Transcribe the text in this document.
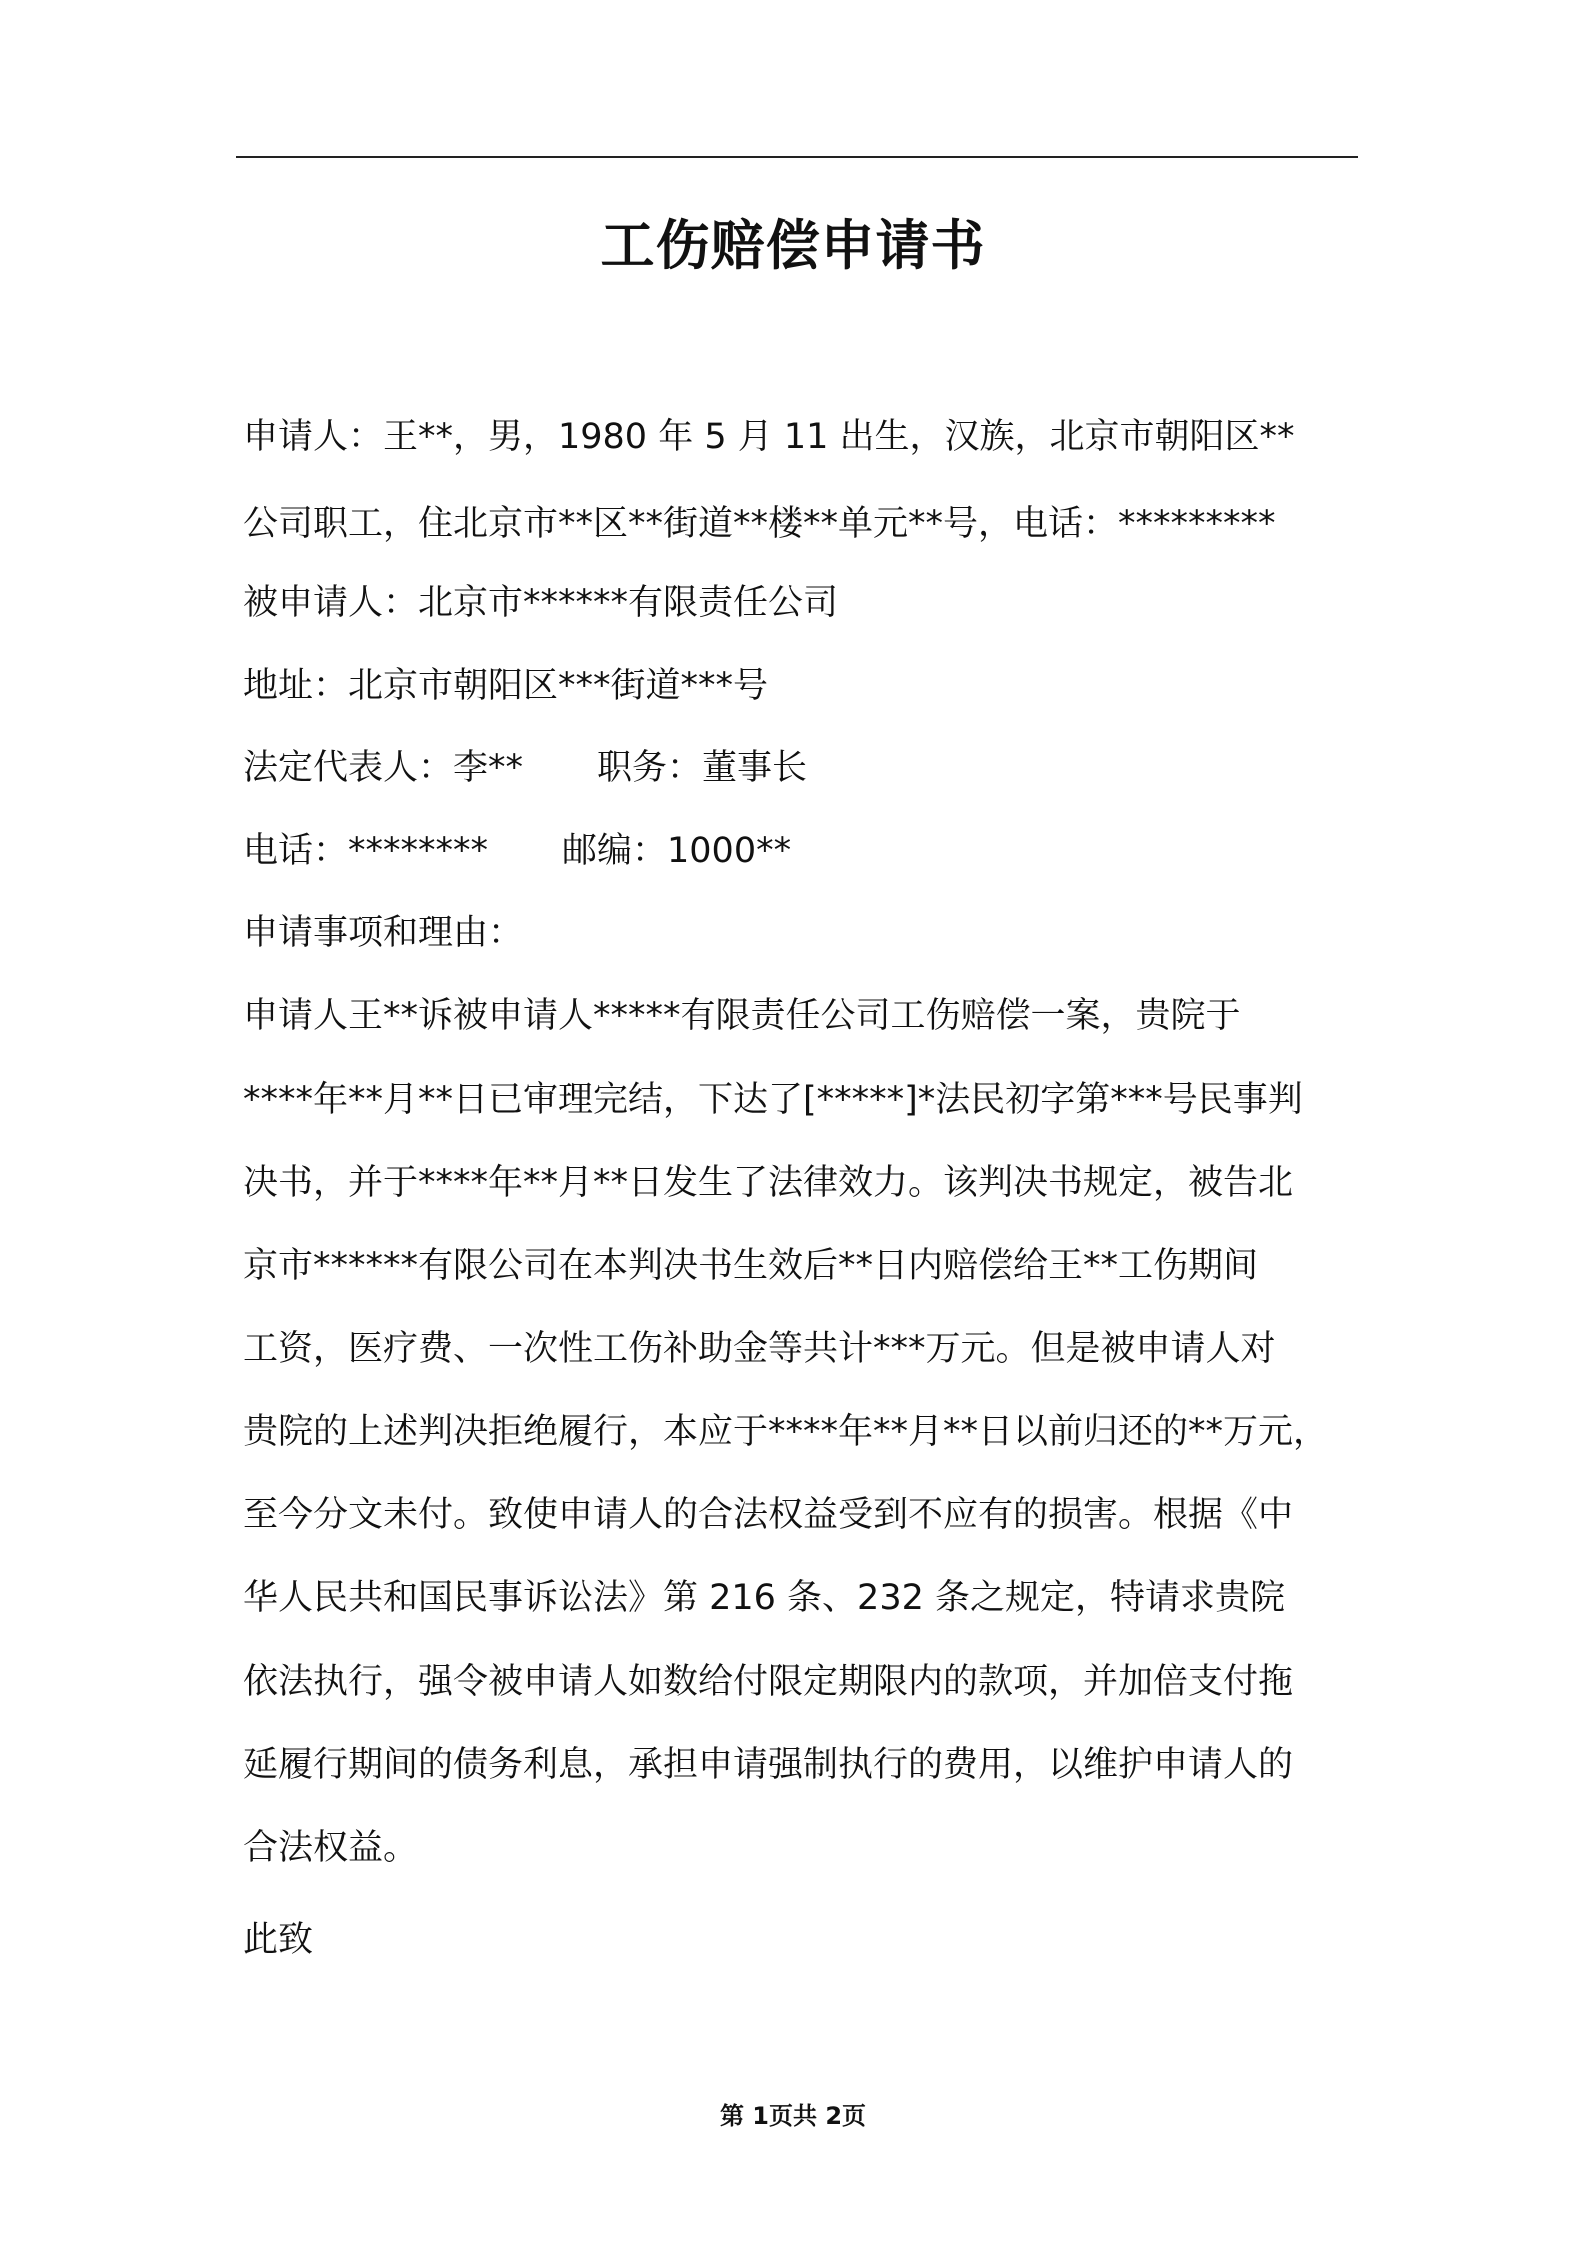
工伤赔偿申请书
申请人：王**，男，1980 年 5 月 11 出生，汉族，北京市朝阳区**
公司职工，住北京市**区**街道**楼**单元**号，电话：*********
被申请人：北京市******有限责任公司
地址：北京市朝阳区***街道***号
法定代表人：李** 职务：董事长
电话：******** 邮编：1000**
申请事项和理由：
申请人王**诉被申请人*****有限责任公司工伤赔偿一案，贵院于
****年**月**日已审理完结，下达了[*****]*法民初字第***号民事判
决书，并于****年**月**日发生了法律效力。该判决书规定，被告北
京市******有限公司在本判决书生效后**日内赔偿给王**工伤期间
工资，医疗费、一次性工伤补助金等共计***万元。但是被申请人对
贵院的上述判决拒绝履行，本应于****年**月**日以前归还的**万元，
至今分文未付。致使申请人的合法权益受到不应有的损害。根据《中
华人民共和国民事诉讼法》第 216 条、232 条之规定，特请求贵院
依法执行，强令被申请人如数给付限定期限内的款项，并加倍支付拖
延履行期间的债务利息，承担申请强制执行的费用，以维护申请人的
合法权益。
此致
第 1页共 2页
